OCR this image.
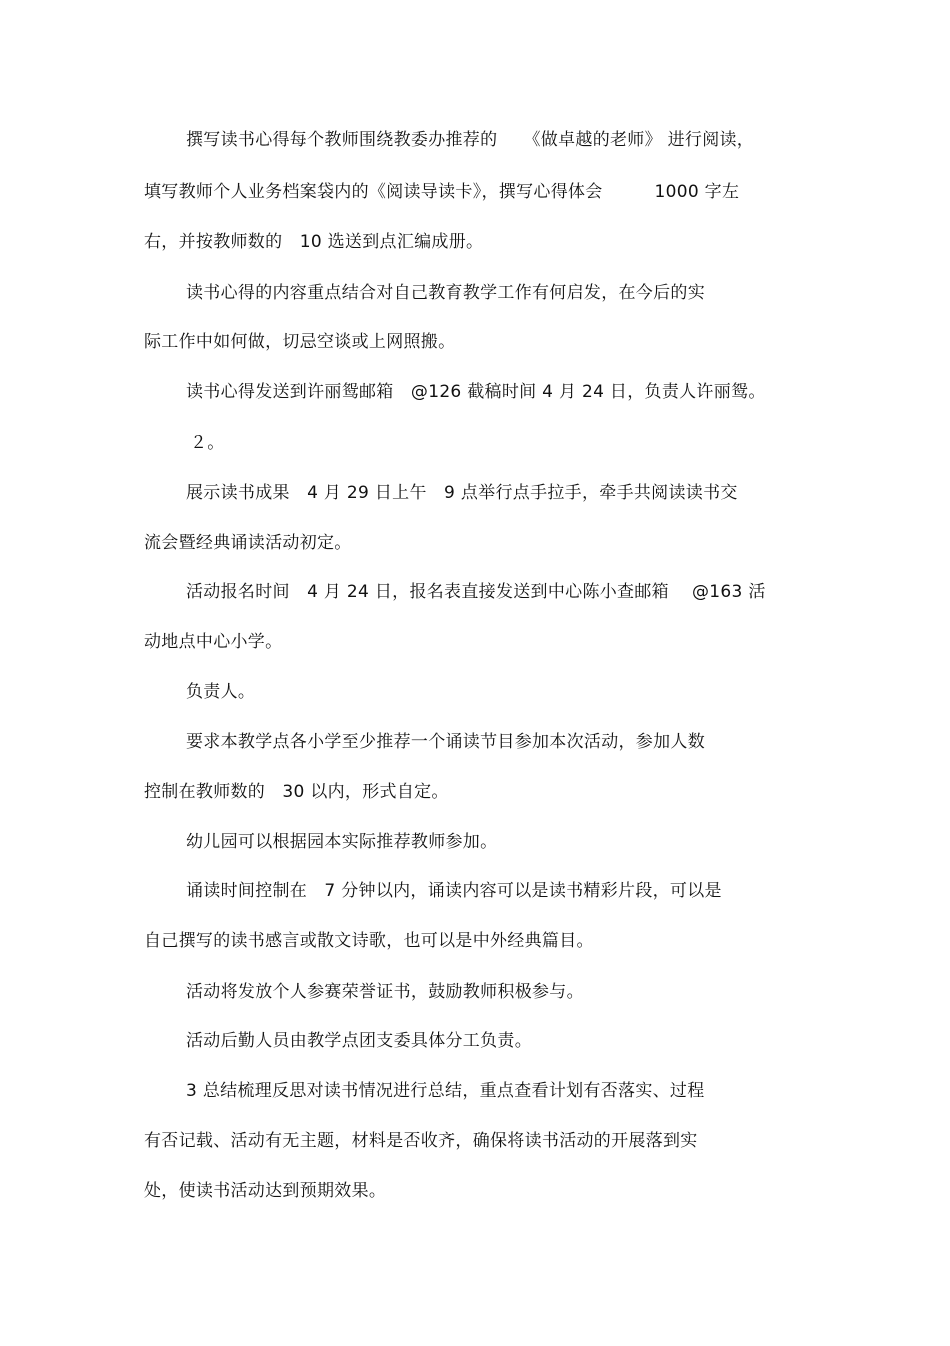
撰写读书心得每个教师围绕教委办推荐的　　《做卓越的老师》 进行阅读，
填写教师个人业务档案袋内的《阅读导读卡》，撰写心得体会　　　1000 字左
右，并按教师数的　10 选送到点汇编成册。
读书心得的内容重点结合对自己教育教学工作有何启发，在今后的实
际工作中如何做，切忌空谈或上网照搬。
读书心得发送到许丽鸳邮箱　@126 截稿时间 4 月 24 日，负责人许丽鸳。
２。
展示读书成果　4 月 29 日上午　9 点举行点手拉手，牵手共阅读读书交
流会暨经典诵读活动初定。
活动报名时间　4 月 24 日，报名表直接发送到中心陈小查邮箱　 @163 活
动地点中心小学。
负责人。
要求本教学点各小学至少推荐一个诵读节目参加本次活动，参加人数
控制在教师数的　30 以内，形式自定。
幼儿园可以根据园本实际推荐教师参加。
诵读时间控制在　7 分钟以内，诵读内容可以是读书精彩片段，可以是
自己撰写的读书感言或散文诗歌，也可以是中外经典篇目。
活动将发放个人参赛荣誉证书，鼓励教师积极参与。
活动后勤人员由教学点团支委具体分工负责。
3 总结梳理反思对读书情况进行总结，重点查看计划有否落实、过程
有否记载、活动有无主题，材料是否收齐，确保将读书活动的开展落到实
处，使读书活动达到预期效果。
